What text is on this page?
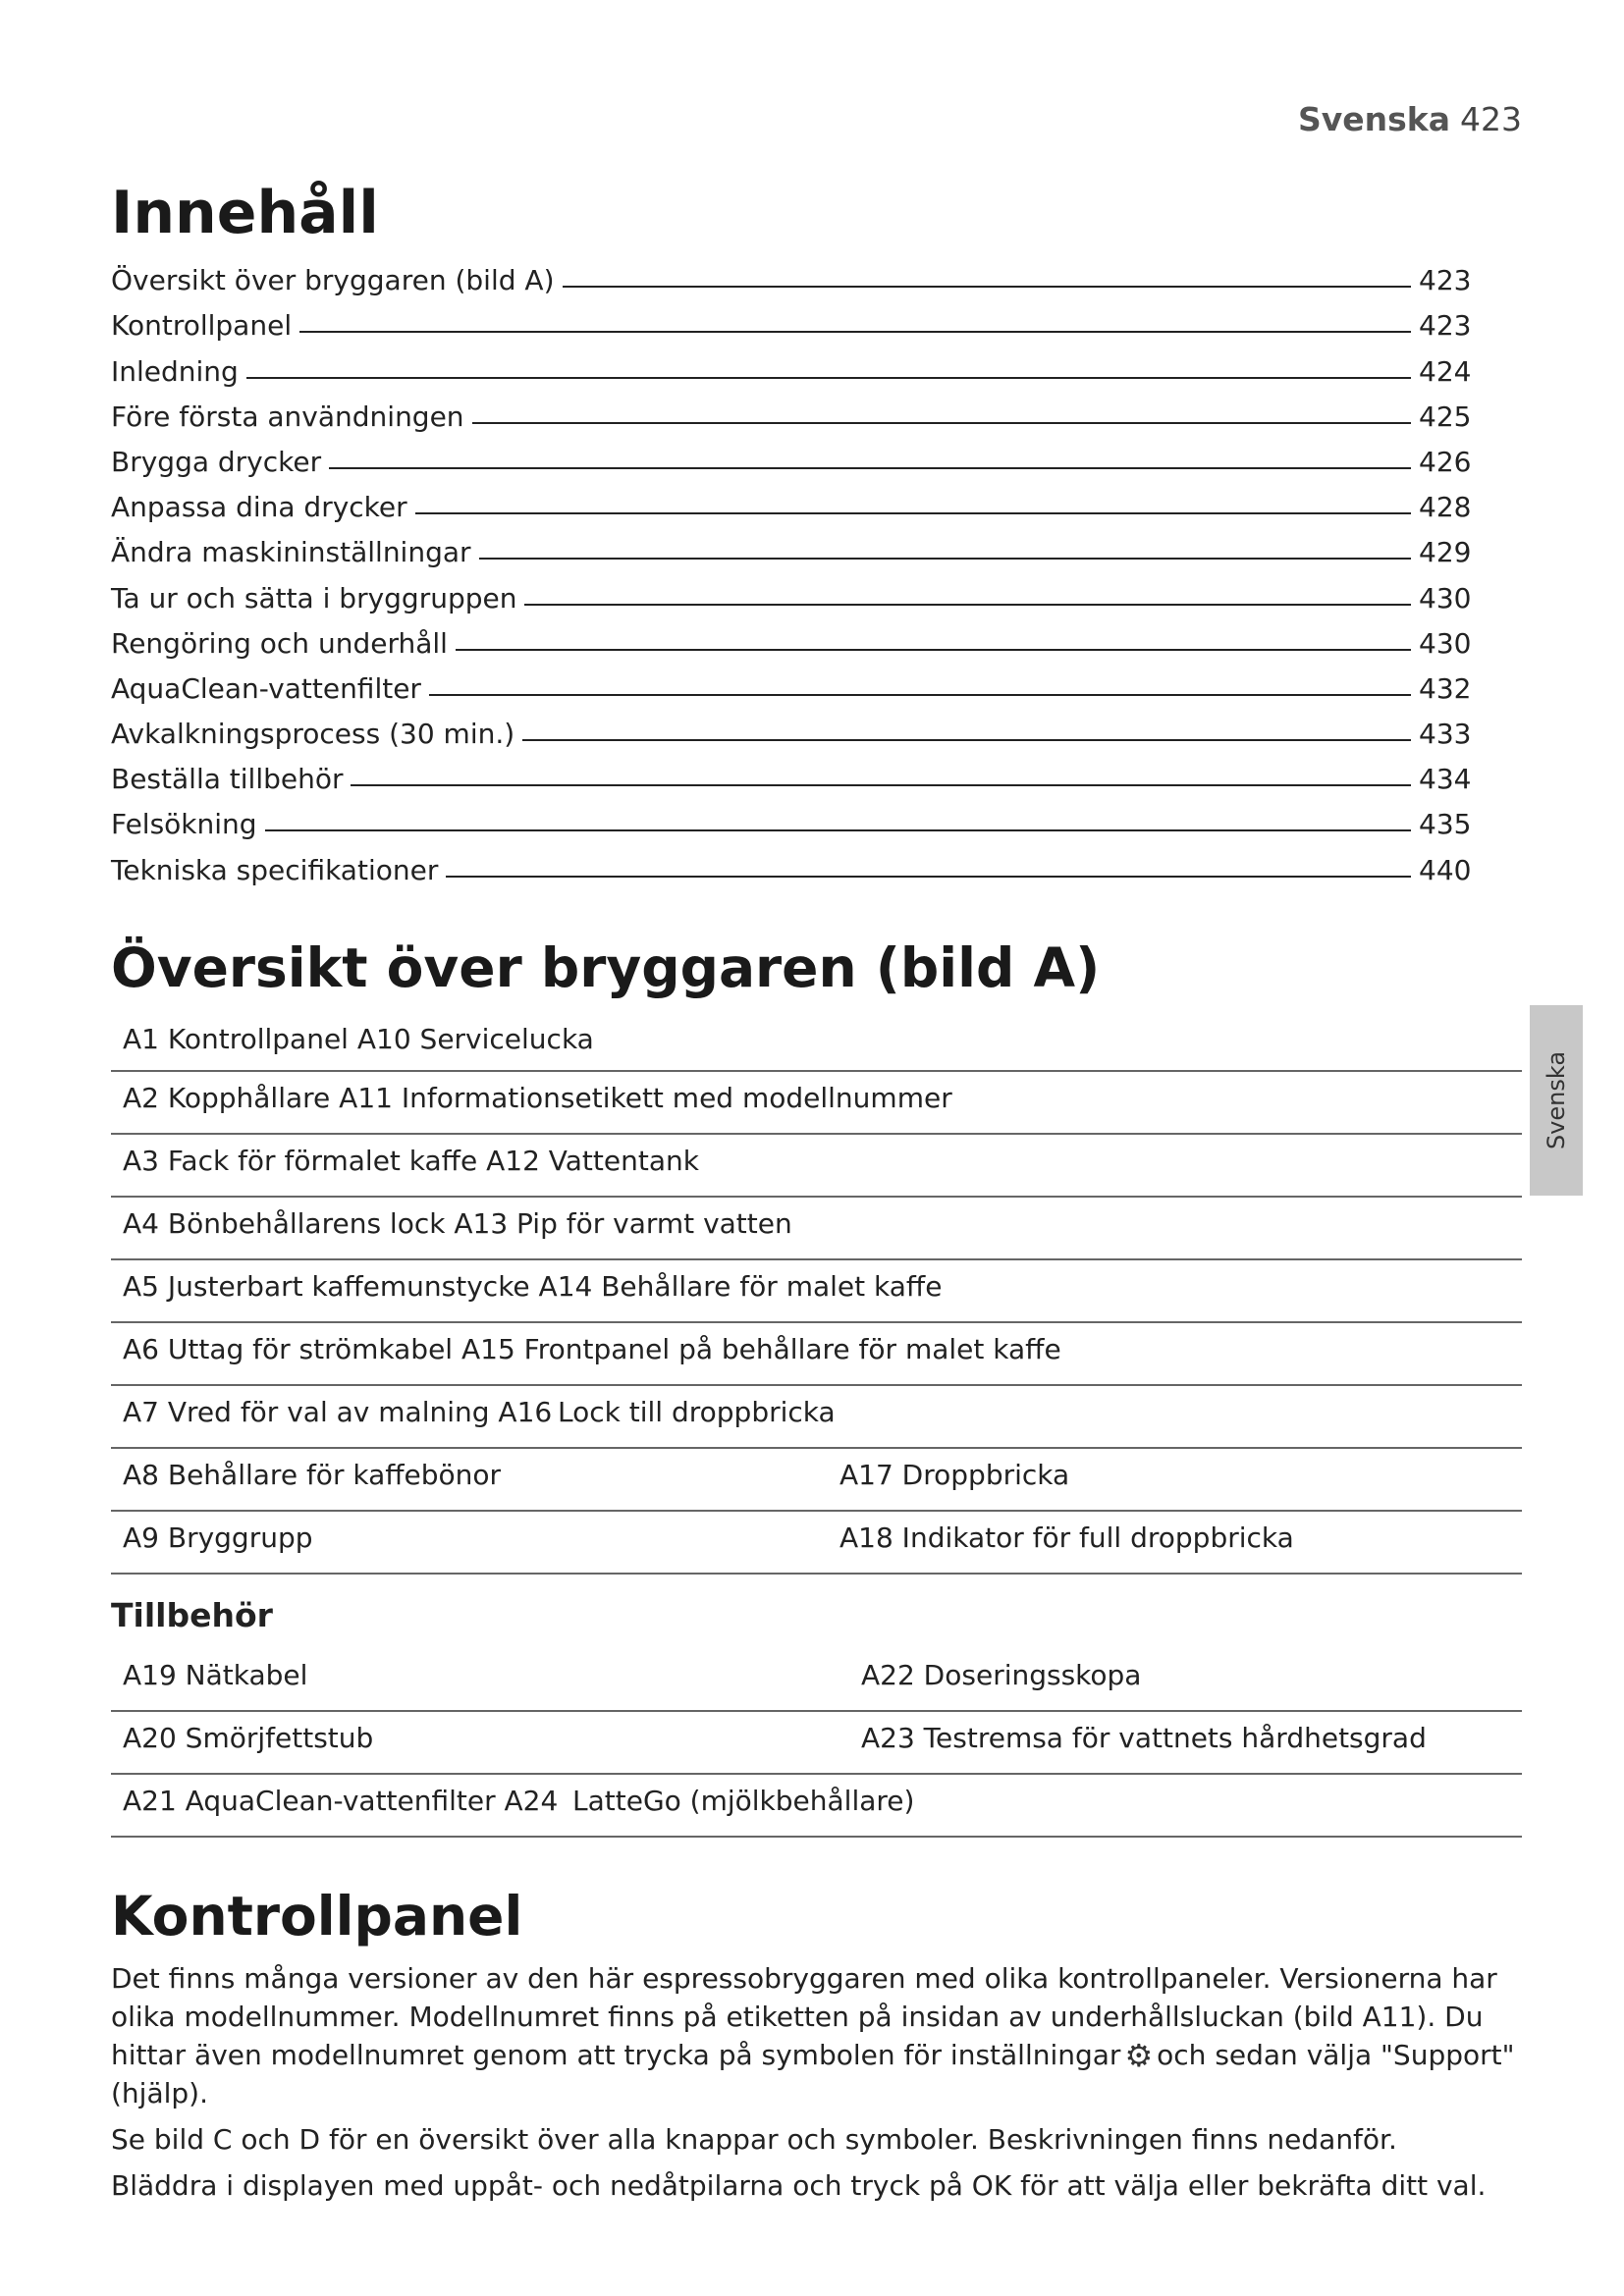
Svenska 423
Svenska
Innehåll
Översikt över bryggaren (bild A)	423
Kontrollpanel	423
Inledning	424
Före första användningen	425
Brygga drycker	426
Anpassa dina drycker	428
Ändra maskininställningar	429
Ta ur och sätta i bryggruppen	430
Rengöring och underhåll	430
AquaClean-vattenfilter	432
Avkalkningsprocess (30 min.)	433
Beställa tillbehör	434
Felsökning	435
Tekniska specifikationer	440
Översikt över bryggaren (bild A)
A1 Kontrollpanel A10 Servicelucka
A2 Kopphållare A11 Informationsetikett med modellnummer
A3 Fack för förmalet kaffe A12 Vattentank
A4 Bönbehållarens lock A13 Pip för varmt vatten
A5 Justerbart kaffemunstycke A14 Behållare för malet kaffe
A6 Uttag för strömkabel A15 Frontpanel på behållare för malet kaffe
A7 Vred för val av malning A16 Lock till droppbricka
A8 Behållare för kaffebönor	A17 Droppbricka
A9 Bryggrupp	A18 Indikator för full droppbricka
Tillbehör
A19 Nätkabel	A22 Doseringsskopa
A20 Smörjfettstub	A23 Testremsa för vattnets hårdhetsgrad
A21 AquaClean-vattenfilter A24 LatteGo (mjölkbehållare)
Kontrollpanel

Det finns många versioner av den här espressobryggaren med olika kontrollpaneler. Versionerna har olika modellnummer. Modellnumret finns på etiketten på insidan av underhållsluckan (bild A11). Du hittar även modellnumret genom att trycka på symbolen för inställningar ⚙ och sedan välja "Support" (hjälp).

Se bild C och D för en översikt över alla knappar och symboler. Beskrivningen finns nedanför.

Bläddra i displayen med uppåt- och nedåtpilarna och tryck på OK för att välja eller bekräfta ditt val.
